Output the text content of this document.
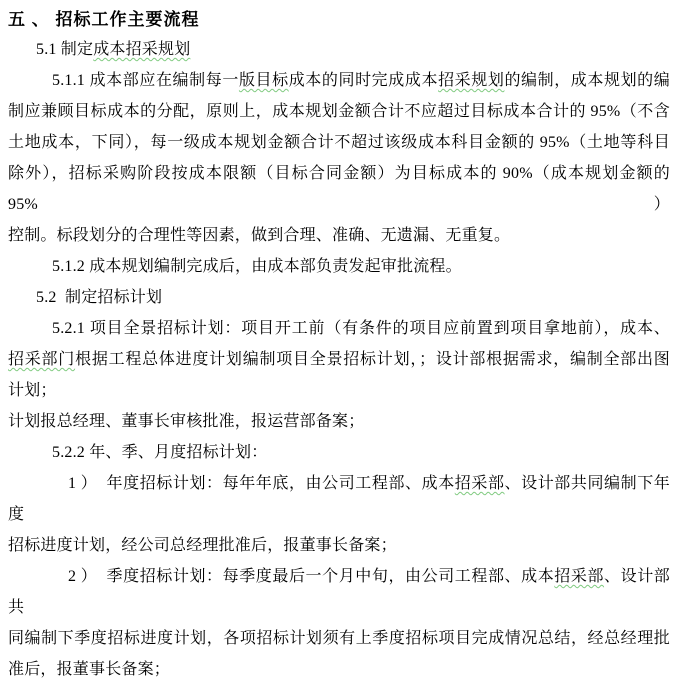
五 、 招标工作主要流程
5.1 制定成本招采规划
5.1.1 成本部应在编制每一版目标成本的同时完成成本招采规划的编制，成本规划的编
制应兼顾目标成本的分配，原则上，成本规划金额合计不应超过目标成本合计的 95%（不含
土地成本，下同），每一级成本规划金额合计不超过该级成本科目金额的 95%（土地等科目
除外），招标采购阶段按成本限额（目标合同金额）为目标成本的 90%（成本规划金额的 95%）
控制。标段划分的合理性等因素，做到合理、准确、无遗漏、无重复。
5.1.2 成本规划编制完成后，由成本部负责发起审批流程。
5.2  制定招标计划
5.2.1 项目全景招标计划：项目开工前（有条件的项目应前置到项目拿地前），成本、
招采部门根据工程总体进度计划编制项目全景招标计划，；设计部根据需求，编制全部出图
计划；
计划报总经理、董事长审核批准，报运营部备案；
5.2.2 年、季、月度招标计划：
1 ）  年度招标计划：每年年底，由公司工程部、成本招采部、设计部共同编制下年度
招标进度计划，经公司总经理批准后，报董事长备案；
2 ）  季度招标计划：每季度最后一个月中旬，由公司工程部、成本招采部、设计部共
同编制下季度招标进度计划，各项招标计划须有上季度招标项目完成情况总结，经总经理批
准后，报董事长备案；
